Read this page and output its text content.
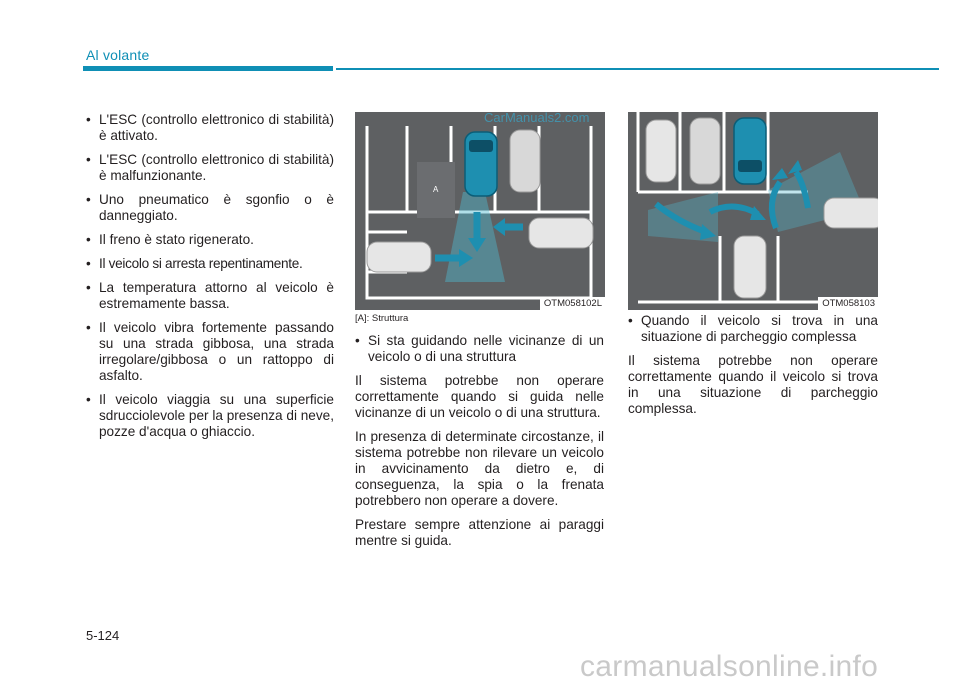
Al volante
• L'ESC (controllo elettronico di stabilità) è attivato.
• L'ESC (controllo elettronico di stabilità) è malfunzionante.
• Uno pneumatico è sgonfio o è danneggiato.
• Il freno è stato rigenerato.
• Il veicolo si arresta repentinamente.
• La temperatura attorno al veicolo è estremamente bassa.
• Il veicolo vibra fortemente passando su una strada gibbosa, una strada irregolare/gibbosa o un rattoppo di asfalto.
• Il veicolo viaggia su una superficie sdrucciolevole per la presenza di neve, pozze d'acqua o ghiaccio.
A
OTM058102L	OTM058103
CarManuals2.com

[A]: Struttura

• Si sta guidando nelle vicinanze di un veicolo o di una struttura

Il sistema potrebbe non operare correttamente quando si guida nelle vicinanze di un veicolo o di una struttura.

In presenza di determinate circostanze, il sistema potrebbe non rilevare un veicolo in avvicinamento da dietro e, di conseguenza, la spia o la frenata potrebbero non operare a dovere.

Prestare sempre attenzione ai paraggi mentre si guida.

• Quando il veicolo si trova in una situazione di parcheggio complessa

Il sistema potrebbe non operare correttamente quando il veicolo si trova in una situazione di parcheggio complessa.

5-124
carmanualsonline.info
